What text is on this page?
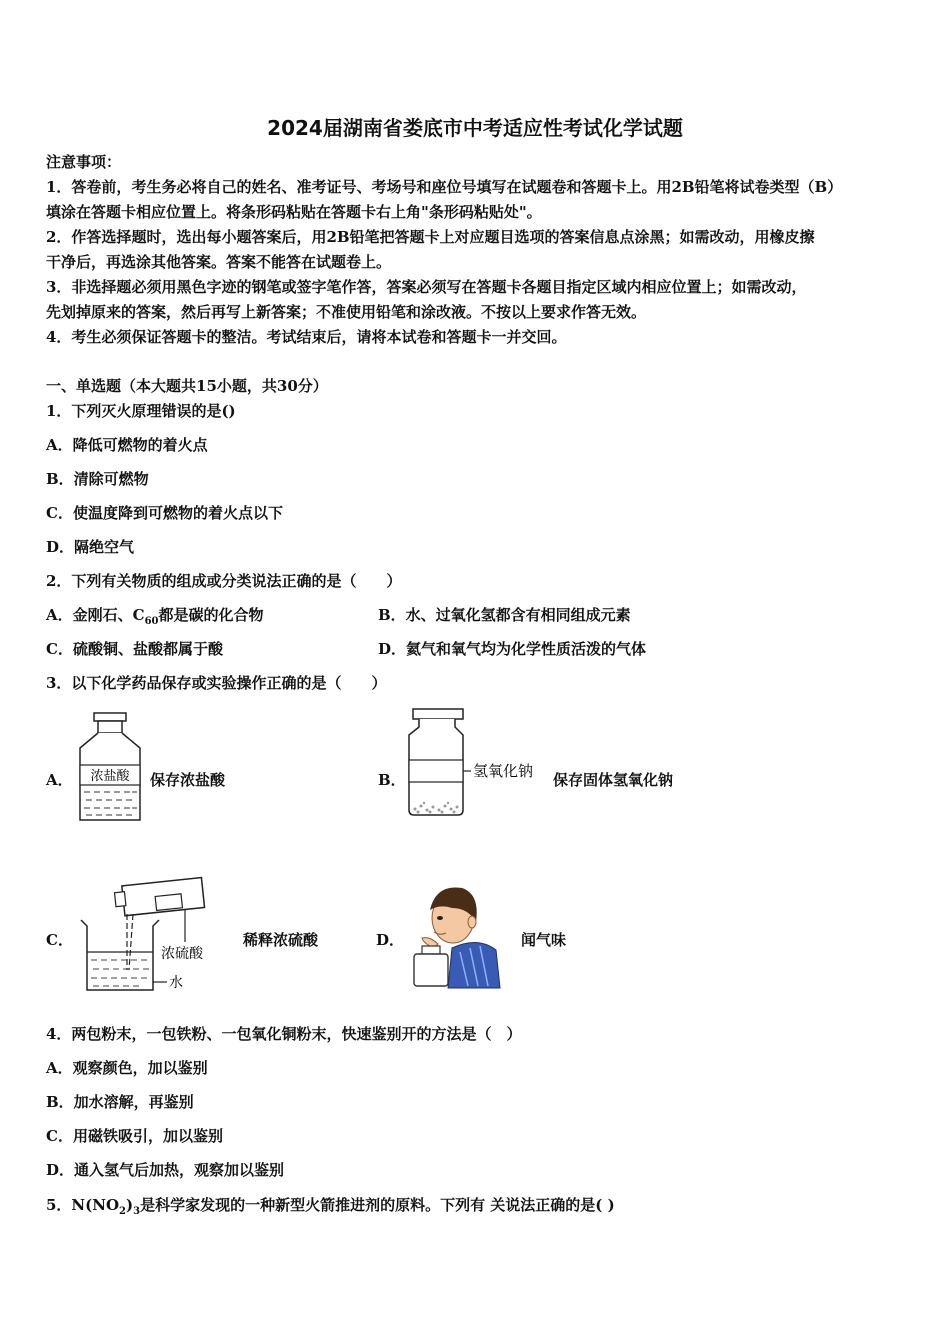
2024届湖南省娄底市中考适应性考试化学试题
注意事项：
1．答卷前，考生务必将自己的姓名、准考证号、考场号和座位号填写在试题卷和答题卡上。用2B铅笔将试卷类型（B）
填涂在答题卡相应位置上。将条形码粘贴在答题卡右上角"条形码粘贴处"。
2．作答选择题时，选出每小题答案后，用2B铅笔把答题卡上对应题目选项的答案信息点涂黑；如需改动，用橡皮擦
干净后，再选涂其他答案。答案不能答在试题卷上。
3．非选择题必须用黑色字迹的钢笔或签字笔作答，答案必须写在答题卡各题目指定区域内相应位置上；如需改动，
先划掉原来的答案，然后再写上新答案；不准使用铅笔和涂改液。不按以上要求作答无效。
4．考生必须保证答题卡的整洁。考试结束后，请将本试卷和答题卡一并交回。
一、单选题（本大题共15小题，共30分）
1．下列灭火原理错误的是()
A．降低可燃物的着火点
B．清除可燃物
C．使温度降到可燃物的着火点以下
D．隔绝空气
2．下列有关物质的组成或分类说法正确的是（　　）
A．金刚石、$C_{60}$都是碳的化合物	B．水、过氧化氢都含有相同组成元素
C．硫酸铜、盐酸都属于酸	D．氦气和氧气均为化学性质活泼的气体
3．以下化学药品保存或实验操作正确的是（　　）
A． 浓盐酸 保存浓盐酸	B．	氢氧化钠 保存固体氢氧化钠
C．
浓硫酸
水
稀释浓硫酸	D．	闻气味
4．两包粉末，一包铁粉、一包氧化铜粉末，快速鉴别开的方法是（　）
A．观察颜色，加以鉴别
B．加水溶解，再鉴别
C．用磁铁吸引，加以鉴别
D．通入氢气后加热，观察加以鉴别
5．$N(NO_2)_3$是科学家发现的一种新型火箭推进剂的原料。下列有 关说法正确的是( )
